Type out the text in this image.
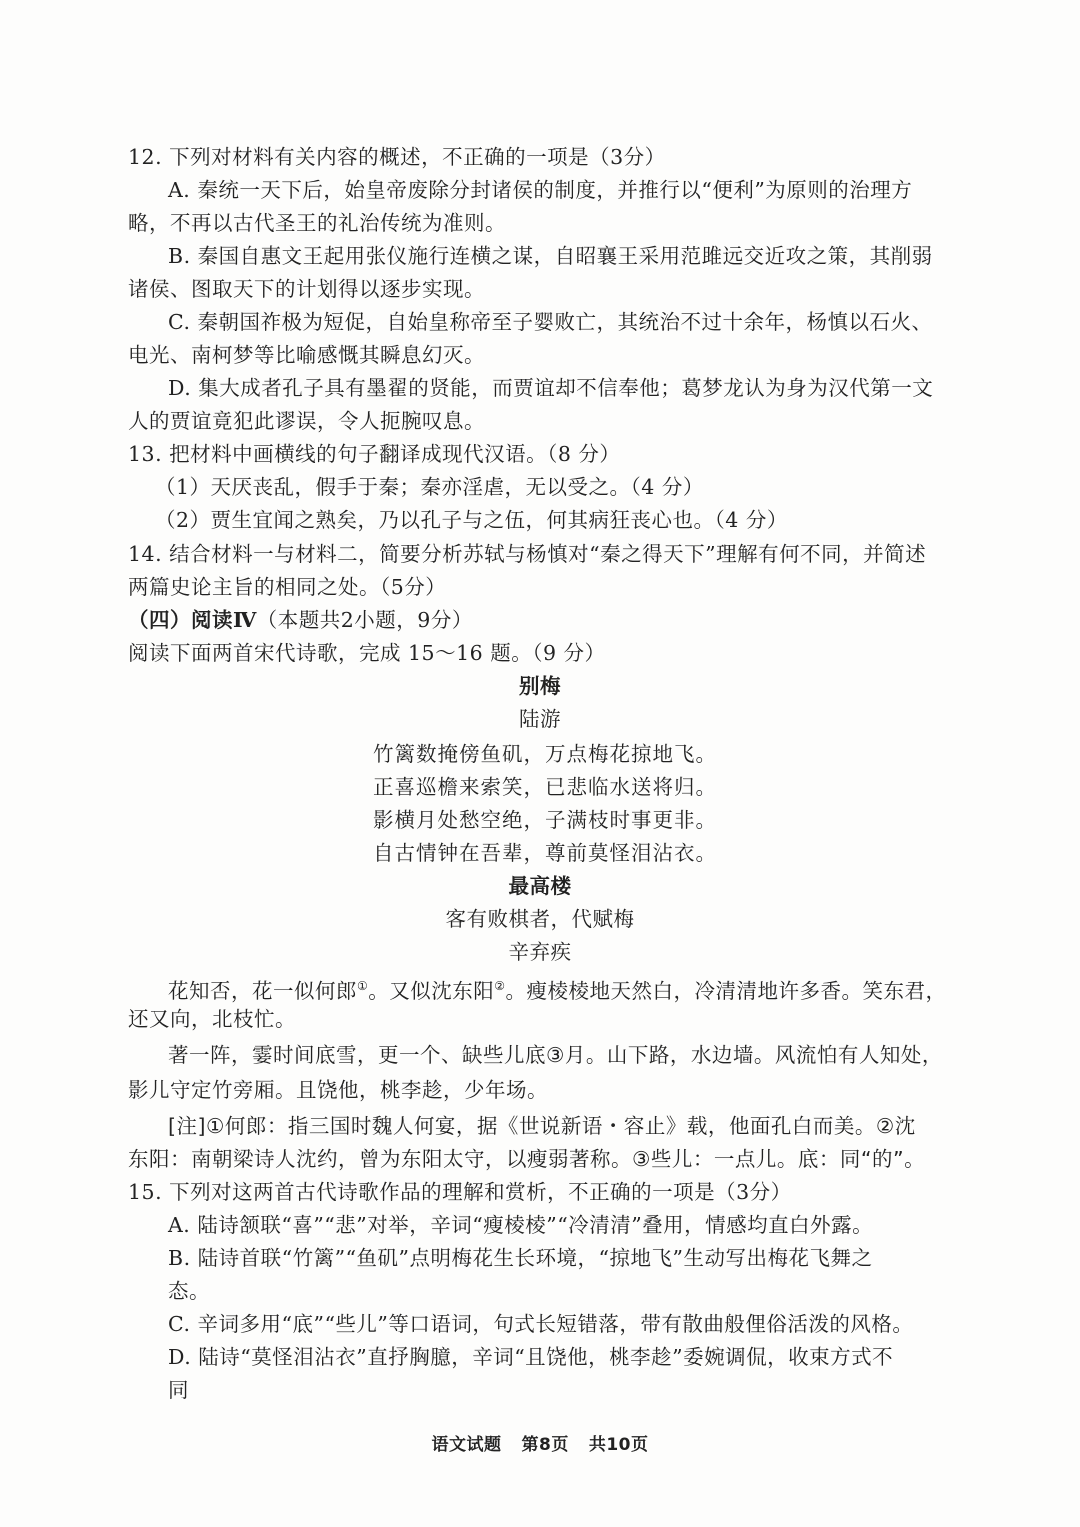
12. 下列对材料有关内容的概述，不正确的一项是（3分）
A. 秦统一天下后，始皇帝废除分封诸侯的制度，并推行以“便利”为原则的治理方
略，不再以古代圣王的礼治传统为准则。
B. 秦国自惠文王起用张仪施行连横之谋，自昭襄王采用范雎远交近攻之策，其削弱
诸侯、图取天下的计划得以逐步实现。
C. 秦朝国祚极为短促，自始皇称帝至子婴败亡，其统治不过十余年，杨慎以石火、
电光、南柯梦等比喻感慨其瞬息幻灭。
D. 集大成者孔子具有墨翟的贤能，而贾谊却不信奉他；葛梦龙认为身为汉代第一文
人的贾谊竟犯此谬误，令人扼腕叹息。
13. 把材料中画横线的句子翻译成现代汉语。（8 分）
（1）天厌丧乱，假手于秦；秦亦淫虐，无以受之。（4 分）
（2）贾生宜闻之熟矣，乃以孔子与之伍，何其病狂丧心也。（4 分）
14. 结合材料一与材料二，简要分析苏轼与杨慎对“秦之得天下”理解有何不同，并简述
两篇史论主旨的相同之处。（5分）
（四）阅读Ⅳ（本题共2小题，9分）
阅读下面两首宋代诗歌，完成 15～16 题。（9 分）
别梅
陆游
竹篱数掩傍鱼矶，万点梅花掠地飞。
正喜巡檐来索笑，已悲临水送将归。
影横月处愁空绝，子满枝时事更非。
自古情钟在吾辈，尊前莫怪泪沾衣。
最高楼
客有败棋者，代赋梅
辛弃疾
花知否，花一似何郎①。又似沈东阳②。瘦棱棱地天然白，冷清清地许多香。笑东君，
还又向，北枝忙。
著一阵，霎时间底雪，更一个、缺些儿底③月。山下路，水边墙。风流怕有人知处，
影儿守定竹旁厢。且饶他，桃李趁，少年场。
[注]①何郎：指三国时魏人何宴，据《世说新语・容止》载，他面孔白而美。②沈
东阳：南朝梁诗人沈约，曾为东阳太守，以瘦弱著称。③些儿：一点儿。底：同“的”。
15. 下列对这两首古代诗歌作品的理解和赏析，不正确的一项是（3分）
A. 陆诗颔联“喜”“悲”对举，辛词“瘦棱棱”“冷清清”叠用，情感均直白外露。
B. 陆诗首联“竹篱”“鱼矶”点明梅花生长环境，“掠地飞”生动写出梅花飞舞之
态。
C. 辛词多用“底”“些儿”等口语词，句式长短错落，带有散曲般俚俗活泼的风格。
D. 陆诗“莫怪泪沾衣”直抒胸臆，辛词“且饶他，桃李趁”委婉调侃，收束方式不
同
语文试题 第8页 共10页
